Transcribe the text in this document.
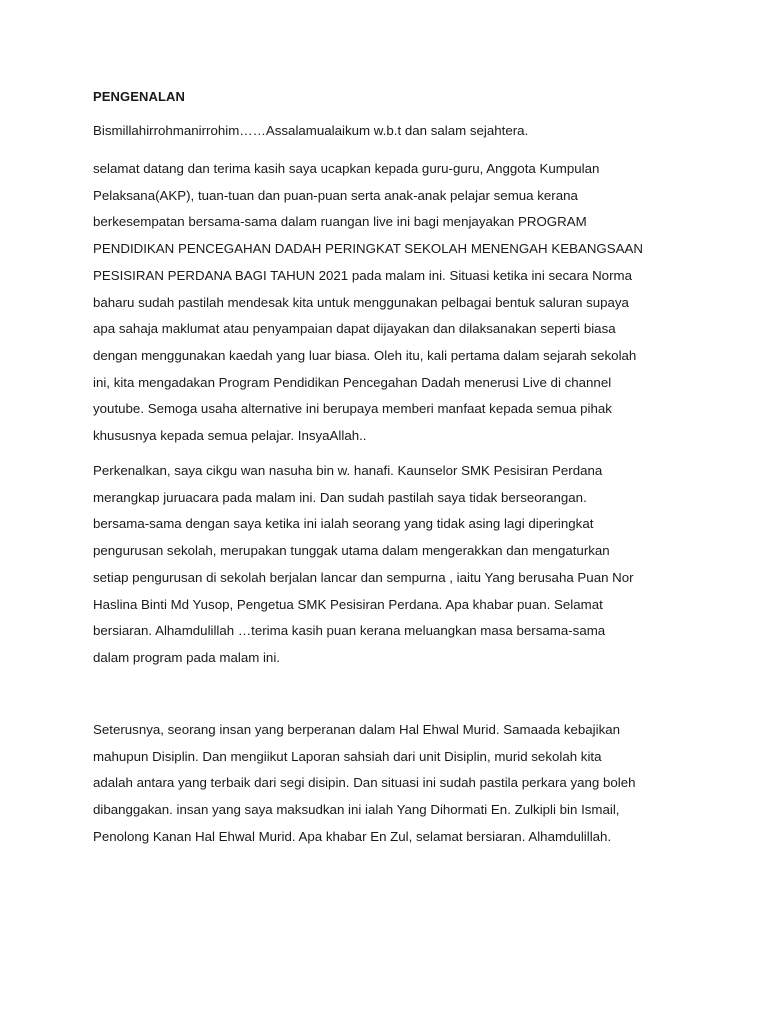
PENGENALAN

Bismillahirrohmanirrohim……Assalamualaikum w.b.t dan salam sejahtera.

selamat datang dan terima kasih saya ucapkan kepada guru-guru, Anggota Kumpulan
Pelaksana(AKP), tuan-tuan dan puan-puan serta anak-anak pelajar semua kerana
berkesempatan bersama-sama dalam ruangan live ini bagi menjayakan PROGRAM
PENDIDIKAN PENCEGAHAN DADAH PERINGKAT SEKOLAH MENENGAH KEBANGSAAN
PESISIRAN PERDANA BAGI TAHUN 2021 pada malam ini. Situasi ketika ini secara Norma
baharu sudah pastilah mendesak kita untuk menggunakan pelbagai bentuk saluran supaya
apa sahaja maklumat atau penyampaian dapat dijayakan dan dilaksanakan seperti biasa
dengan menggunakan kaedah yang luar biasa. Oleh itu, kali pertama dalam sejarah sekolah
ini, kita mengadakan Program Pendidikan Pencegahan Dadah menerusi Live di channel
youtube. Semoga usaha alternative ini berupaya memberi manfaat kepada semua pihak
khususnya kepada semua pelajar. InsyaAllah..

Perkenalkan, saya cikgu wan nasuha bin w. hanafi. Kaunselor SMK Pesisiran Perdana
merangkap juruacara pada malam ini. Dan sudah pastilah saya tidak berseorangan.
bersama-sama dengan saya ketika ini ialah seorang yang tidak asing lagi diperingkat
pengurusan sekolah, merupakan tunggak utama dalam mengerakkan dan mengaturkan
setiap pengurusan di sekolah berjalan lancar dan sempurna , iaitu Yang berusaha Puan Nor
Haslina Binti Md Yusop, Pengetua SMK Pesisiran Perdana. Apa khabar puan. Selamat
bersiaran. Alhamdulillah …terima kasih puan kerana meluangkan masa bersama-sama
dalam program pada malam ini.

Seterusnya, seorang insan yang berperanan dalam Hal Ehwal Murid. Samaada kebajikan
mahupun Disiplin. Dan mengiikut Laporan sahsiah dari unit Disiplin, murid sekolah kita
adalah antara yang terbaik dari segi disipin. Dan situasi ini sudah pastila perkara yang boleh
dibanggakan. insan yang saya maksudkan ini ialah Yang Dihormati En. Zulkipli bin Ismail,
Penolong Kanan Hal Ehwal Murid. Apa khabar En Zul, selamat bersiaran. Alhamdulillah.
